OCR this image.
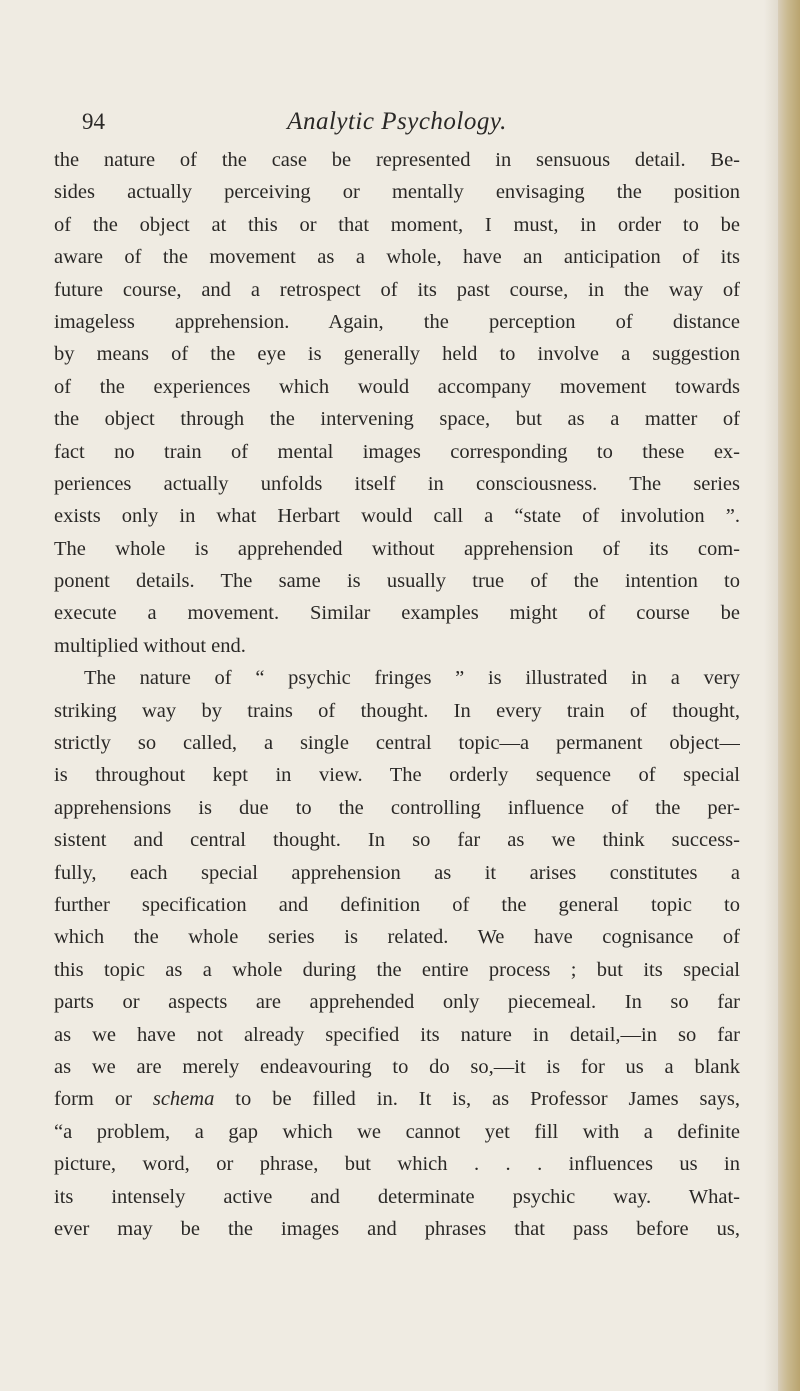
94	Analytic Psychology.
the nature of the case be represented in sensuous detail. Be-
sides actually perceiving or mentally envisaging the position
of the object at this or that moment, I must, in order to be
aware of the movement as a whole, have an anticipation of its
future course, and a retrospect of its past course, in the way of
imageless apprehension. Again, the perception of distance
by means of the eye is generally held to involve a suggestion
of the experiences which would accompany movement towards
the object through the intervening space, but as a matter of
fact no train of mental images corresponding to these ex-
periences actually unfolds itself in consciousness. The series
exists only in what Herbart would call a “state of involution ”.
The whole is apprehended without apprehension of its com-
ponent details. The same is usually true of the intention to
execute a movement. Similar examples might of course be
multiplied without end.
The nature of “ psychic fringes ” is illustrated in a very
striking way by trains of thought. In every train of thought,
strictly so called, a single central topic—a permanent object—
is throughout kept in view. The orderly sequence of special
apprehensions is due to the controlling influence of the per-
sistent and central thought. In so far as we think success-
fully, each special apprehension as it arises constitutes a
further specification and definition of the general topic to
which the whole series is related. We have cognisance of
this topic as a whole during the entire process ; but its special
parts or aspects are apprehended only piecemeal. In so far
as we have not already specified its nature in detail,—in so far
as we are merely endeavouring to do so,—it is for us a blank
form or schema to be filled in. It is, as Professor James says,
“a problem, a gap which we cannot yet fill with a definite
picture, word, or phrase, but which . . . influences us in
its intensely active and determinate psychic way. What-
ever may be the images and phrases that pass before us,
